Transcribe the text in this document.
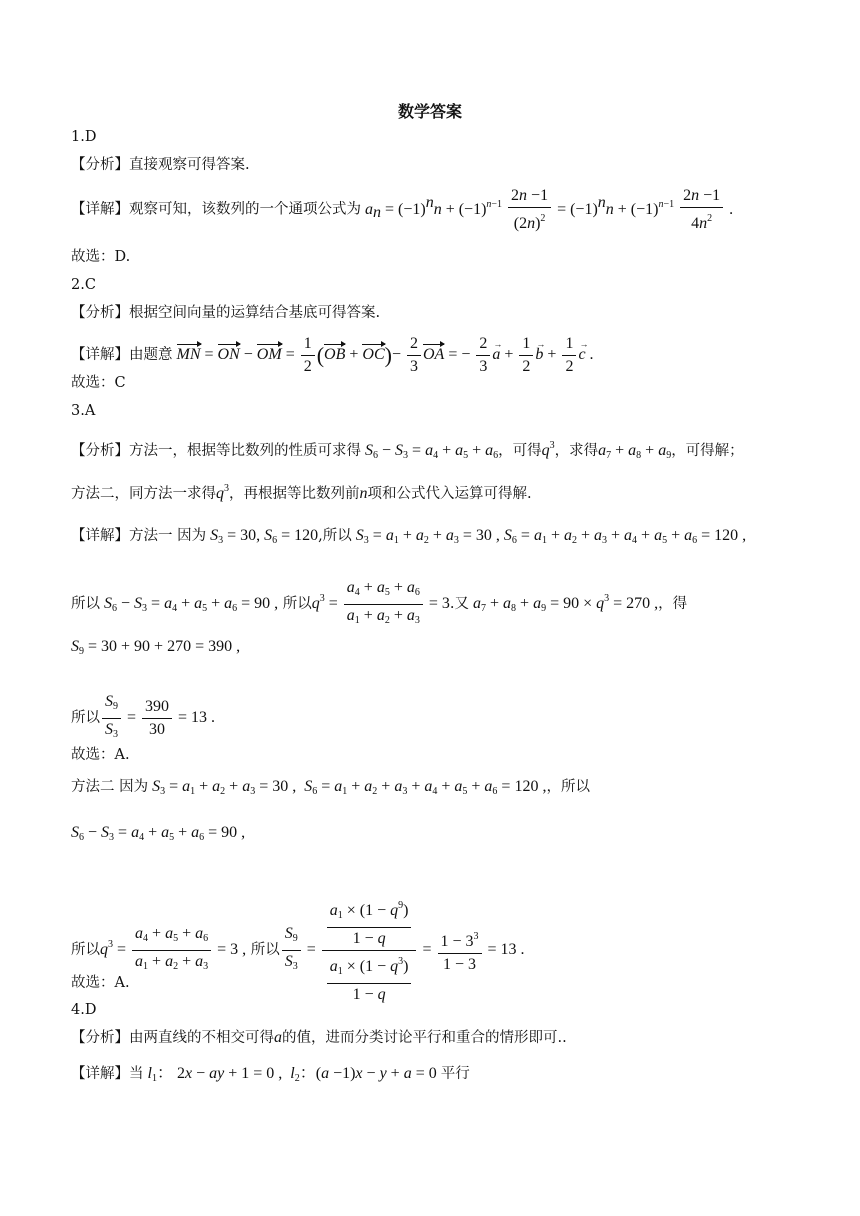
数学答案
1.D
【分析】直接观察可得答案.
【详解】观察可知，该数列的一个通项公式为 $a_n = (-1)^nn + (-1)^{n-1} \frac{2n -1}{(2n)^2} = (-1)^nn + (-1)^{n-1} \frac{2n -1}{4n^2}$ .
故选：D.
2.C
【分析】根据空间向量的运算结合基底可得答案.
【详解】由题意 MN = ON − OM = $\frac{1}{2} (OB + OC)- \frac{2}{3}$ OA = − $\frac{2}{3}$ a → + $\frac{1}{2}$ b → + $\frac{1}{2}$ c → .
故选：C
3.A
【分析】方法一，根据等比数列的性质可求得 $S_6 - S_3 = a_4 + a_5 + a_6$，可得$q^3$，求得$a_7 + a_8 + a_9$，可得解；
方法二，同方法一求得$q^3$，再根据等比数列前n项和公式代入运算可得解.
【详解】方法一 因为 $S_3 = 30$, $S_6 = 120$,所以 $S_3 = a_1 + a_2 + a_3 = 30$ , $S_6 = a_1 + a_2 + a_3 + a_4 + a_5 + a_6 = 120$ ,
所以 $S_6 - S_3 = a_4 + a_5 + a_6 = 90$ , 所以$q^3 = \frac{a_4 + a_5 + a_6}{a_1 + a_2 + a_3} = 3$.又 $a_7 + a_8 + a_9 = 90 \times q^3 = 270$ ,，得
$S_9 = 30 + 90 + 270 = 390$ ,
所以 $\frac{S_9}{S_3} = \frac{390}{30} = 13$ .
故选：A.
方法二 因为 $S_3 = a_1 + a_2 + a_3 = 30$ ,  $S_6 = a_1 + a_2 + a_3 + a_4 + a_5 + a_6 = 120$ ,，所以
$S_6 - S_3 = a_4 + a_5 + a_6 = 90$ ,
所以$q^3 = \frac{a_4 + a_5 + a_6}{a_1 + a_2 + a_3} = 3$ , 所以 $\frac{S_9}{S_3} = \frac{\frac{a_1 \times (1 - q^9)}{1 - q}}{\frac{a_1 \times (1 - q^3)}{1 - q}} = \frac{1 - 3^3}{1 - 3} = 13$ .
故选：A.
4.D
【分析】由两直线的不相交可得a的值，进而分类讨论平行和重合的情形即可..
【详解】当 $l_1$： 2x − ay + 1 = 0 ,  $l_2$：(a −1)x − y + a = 0 平行
